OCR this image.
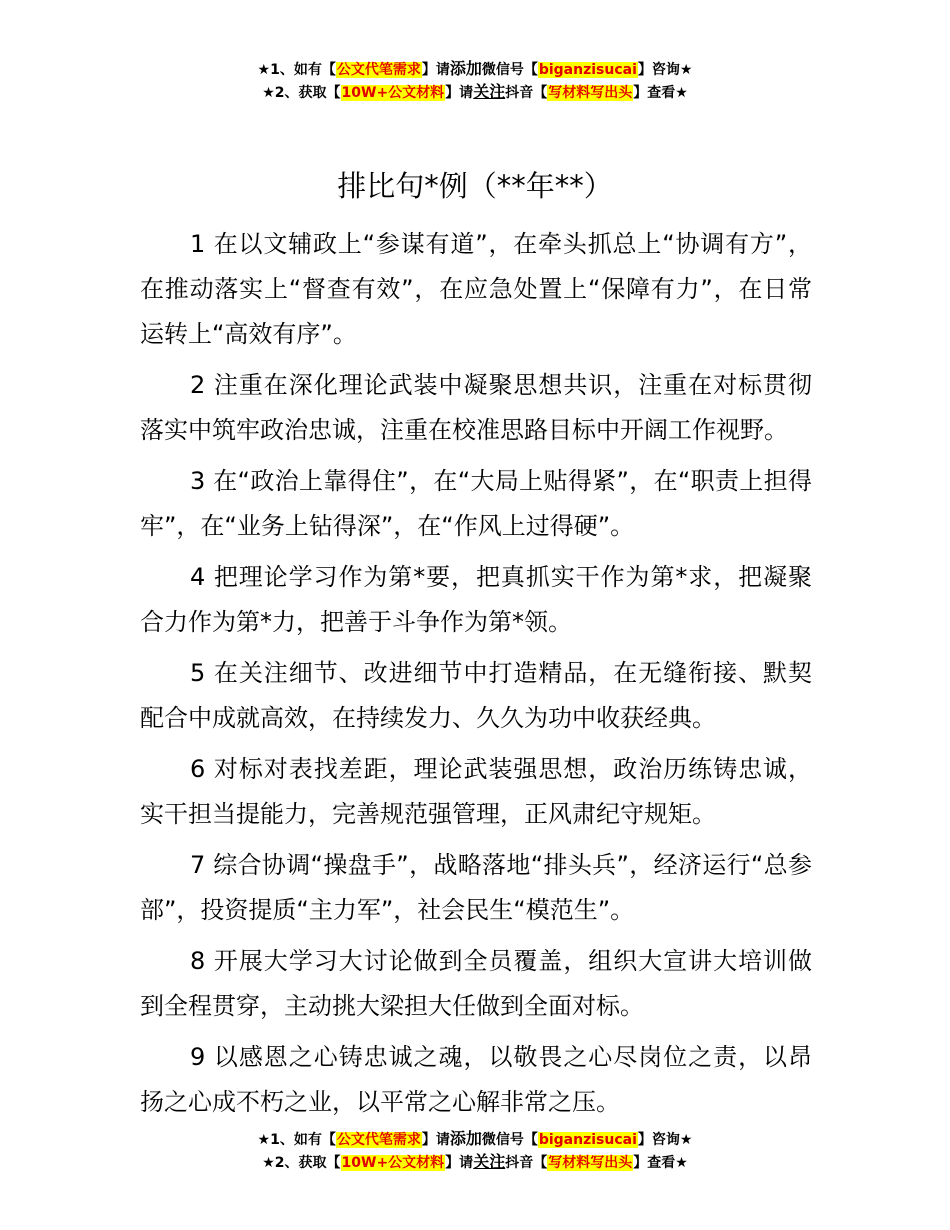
★1、如有【公文代笔需求】请添加微信号【biganzisucai】咨询★
★2、获取【10W+公文材料】请关注抖音【写材料写出头】查看★
排比句*例（**年**）

1 在以文辅政上“参谋有道”，在牵头抓总上“协调有方”，在推动落实上“督查有效”，在应急处置上“保障有力”，在日常运转上“高效有序”。

2 注重在深化理论武装中凝聚思想共识，注重在对标贯彻落实中筑牢政治忠诚，注重在校准思路目标中开阔工作视野。

3 在“政治上靠得住”，在“大局上贴得紧”，在“职责上担得牢”，在“业务上钻得深”，在“作风上过得硬”。

4 把理论学习作为第*要，把真抓实干作为第*求，把凝聚合力作为第*力，把善于斗争作为第*领。

5 在关注细节、改进细节中打造精品，在无缝衔接、默契配合中成就高效，在持续发力、久久为功中收获经典。

6 对标对表找差距，理论武装强思想，政治历练铸忠诚，实干担当提能力，完善规范强管理，正风肃纪守规矩。

7 综合协调“操盘手”，战略落地“排头兵”，经济运行“总参部”，投资提质“主力军”，社会民生“模范生”。

8 开展大学习大讨论做到全员覆盖，组织大宣讲大培训做到全程贯穿，主动挑大梁担大任做到全面对标。

9 以感恩之心铸忠诚之魂，以敬畏之心尽岗位之责，以昂扬之心成不朽之业，以平常之心解非常之压。

★1、如有【公文代笔需求】请添加微信号【biganzisucai】咨询★
★2、获取【10W+公文材料】请关注抖音【写材料写出头】查看★
